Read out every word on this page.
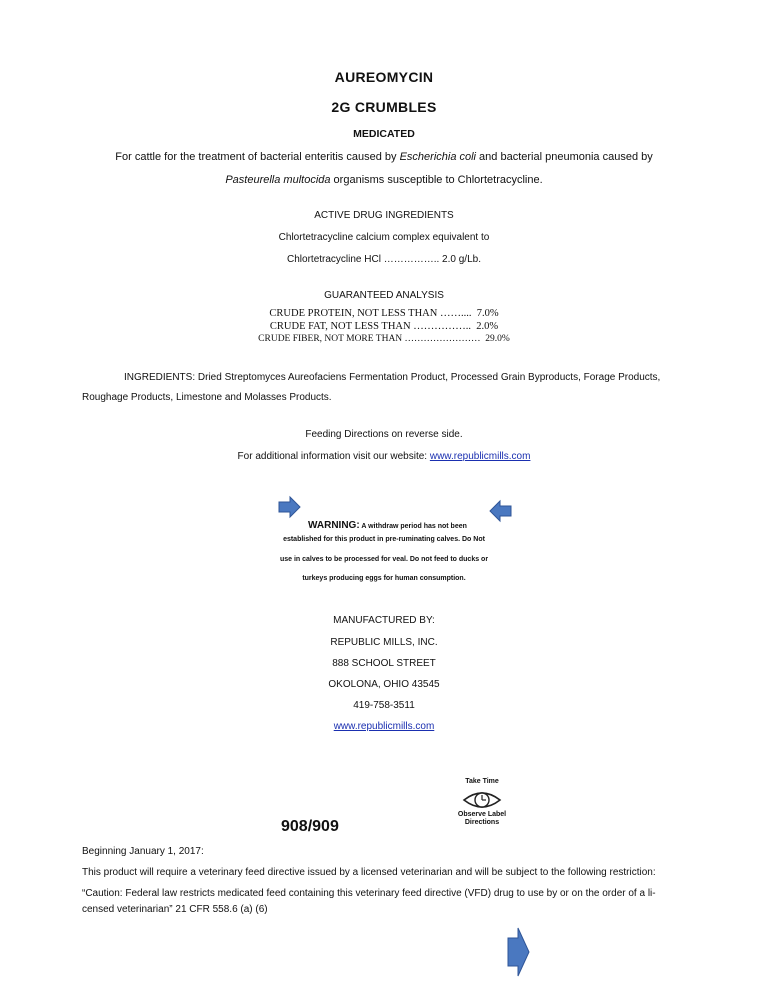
AUREOMYCIN
2G CRUMBLES
MEDICATED
For cattle for the treatment of bacterial enteritis caused by Escherichia coli and bacterial pneumonia caused by
Pasteurella multocida organisms susceptible to Chlortetracycline.
ACTIVE DRUG INGREDIENTS
Chlortetracycline calcium complex equivalent to
Chlortetracycline HCl …………….. 2.0 g/Lb.
GUARANTEED ANALYSIS
CRUDE PROTEIN, NOT LESS THAN ……....  7.0%
CRUDE FAT, NOT LESS THAN ……………..  2.0%
CRUDE FIBER, NOT MORE THAN ……………………  29.0%
INGREDIENTS: Dried Streptomyces Aureofaciens Fermentation Product, Processed Grain Byproducts, Forage Products,
Roughage Products, Limestone and Molasses Products.
Feeding Directions on reverse side.
For additional information visit our website: www.republicmills.com
WARNING: A withdraw period has not been
established for this product in pre-ruminating calves. Do Not
use in calves to be processed for veal. Do not feed to ducks or
turkeys producing eggs for human consumption.
MANUFACTURED BY:
REPUBLIC MILLS, INC.
888 SCHOOL STREET
OKOLONA, OHIO 43545
419-758-3511
www.republicmills.com
Take Time
Observe Label
Directions
908/909
Beginning January 1, 2017:
This product will require a veterinary feed directive issued by a licensed veterinarian and will be subject to the following restriction:
“Caution: Federal law restricts medicated feed containing this veterinary feed directive (VFD) drug to use by or on the order of a li-
censed veterinarian” 21 CFR 558.6 (a) (6)
